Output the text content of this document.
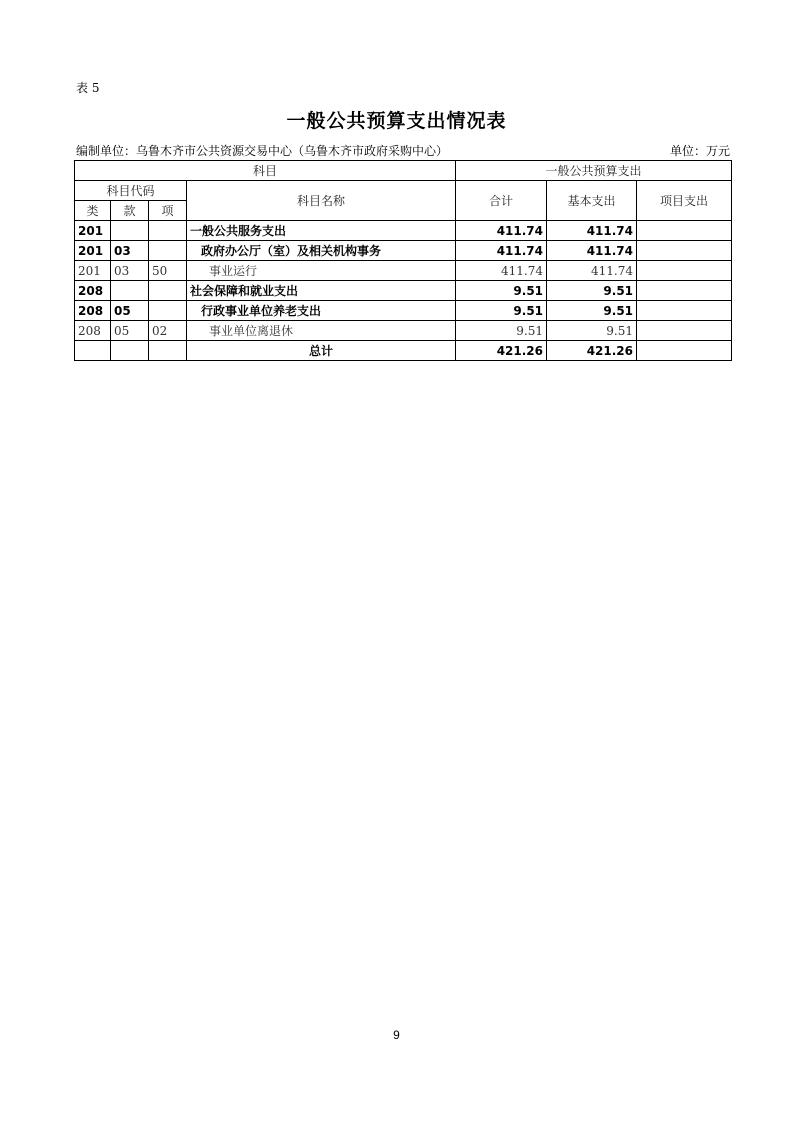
表 5
一般公共预算支出情况表
编制单位：乌鲁木齐市公共资源交易中心（乌鲁木齐市政府采购中心）	单位：万元
科目				一般公共预算支出		
科目代码			科目名称	合计	基本支出	项目支出
类	款	项				
201			一般公共服务支出	411.74	411.74	
201	03		政府办公厅（室）及相关机构事务	411.74	411.74	
201	03	50	事业运行	411.74	411.74	
208			社会保障和就业支出	9.51	9.51	
208	05		行政事业单位养老支出	9.51	9.51	
208	05	02	事业单位离退休	9.51	9.51	
			总计	421.26	421.26	
9
